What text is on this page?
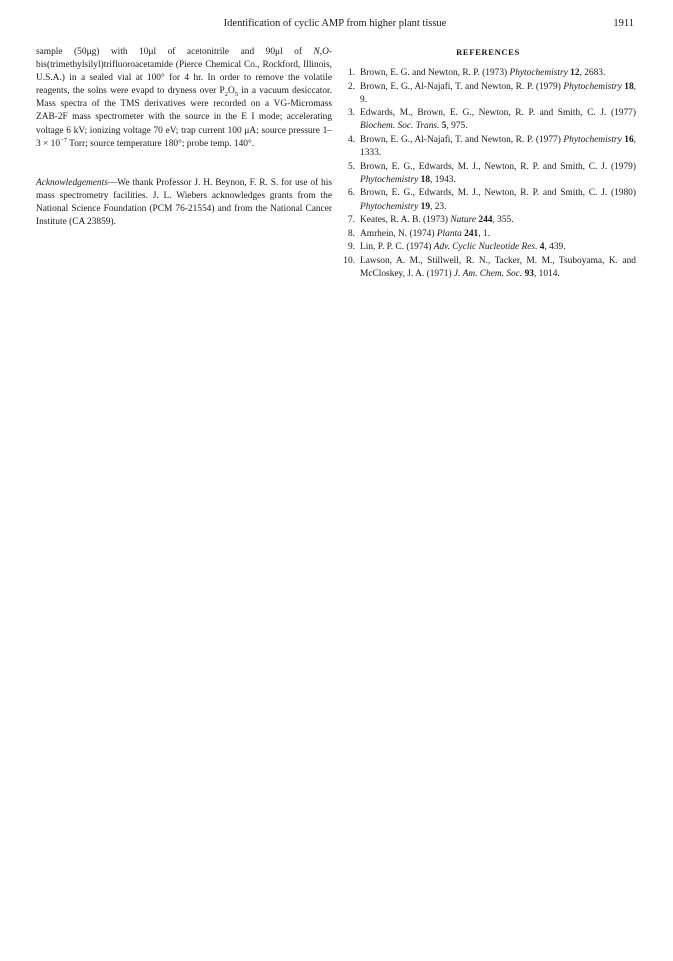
Identification of cyclic AMP from higher plant tissue	1911

sample (50μg) with 10μl of acetonitrile and 90μl of N,O-bis(trimethylsilyl)trifluoroacetamide (Pierce Chemical Co., Rockford, Illinois, U.S.A.) in a sealed vial at 100° for 4 hr. In order to remove the volatile reagents, the solns were evapd to dryness over $P_2O_5$ in a vacuum desiccator. Mass spectra of the TMS derivatives were recorded on a VG-Micromass ZAB-2F mass spectrometer with the source in the E I mode; accelerating voltage 6 kV; ionizing voltage 70 eV; trap current 100 μA; source pressure $1-3 \times 10^{-7}$ Torr; source temperature 180°; probe temp. 140°.

Acknowledgements—We thank Professor J. H. Beynon, F. R. S. for use of his mass spectrometry facilities. J. L. Wiebers acknowledges grants from the National Science Foundation (PCM 76-21554) and from the National Cancer Institute (CA 23859).

REFERENCES
1. Brown, E. G. and Newton, R. P. (1973) Phytochemistry 12, 2683.
2. Brown, E. G., Al-Najafi, T. and Newton, R. P. (1979) Phytochemistry 18, 9.
3. Edwards, M., Brown, E. G., Newton, R. P. and Smith, C. J. (1977) Biochem. Soc. Trans. 5, 975.
4. Brown, E. G., Al-Najafi, T. and Newton, R. P. (1977) Phytochemistry 16, 1333.
5. Brown, E. G., Edwards, M. J., Newton, R. P. and Smith, C. J. (1979) Phytochemistry 18, 1943.
6. Brown, E. G., Edwards, M. J., Newton, R. P. and Smith, C. J. (1980) Phytochemistry 19, 23.
7. Keates, R. A. B. (1973) Nature 244, 355.
8. Amrhein, N. (1974) Planta 241, 1.
9. Lin, P. P. C. (1974) Adv. Cyclic Nucleotide Res. 4, 439.
10. Lawson, A. M., Stillwell, R. N., Tacker, M. M., Tsuboyama, K. and McCloskey, J. A. (1971) J. Am. Chem. Soc. 93, 1014.
